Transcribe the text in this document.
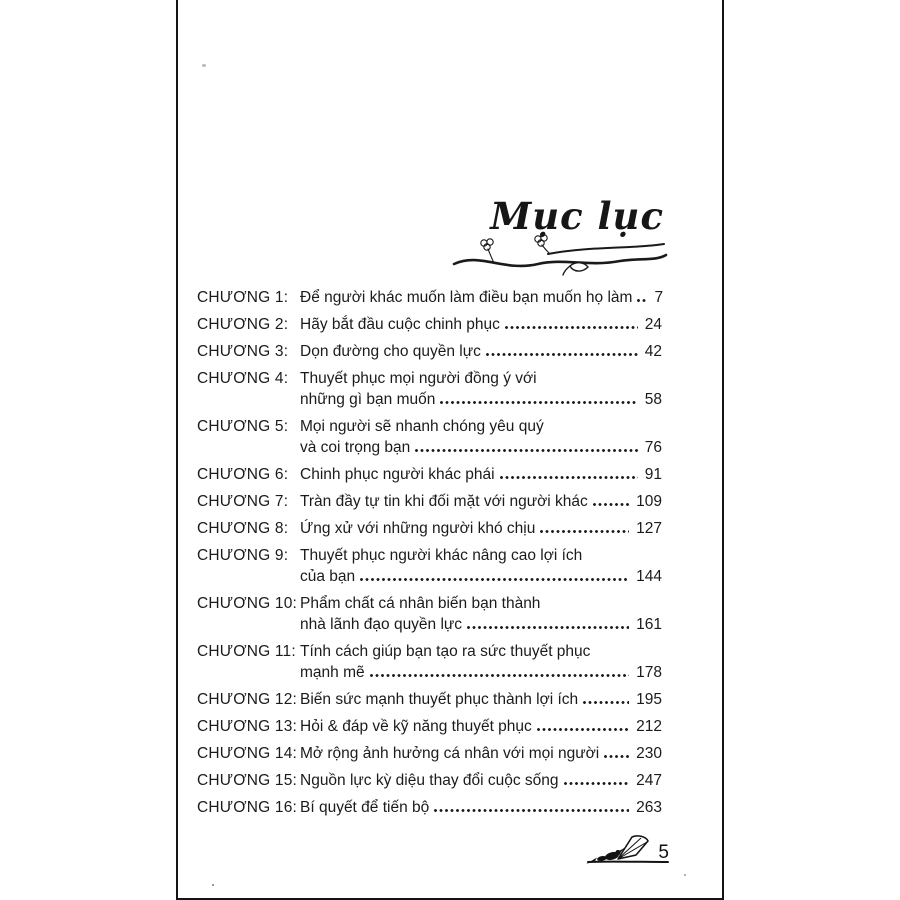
Mục lục
CHƯƠNG 1: Để người khác muốn làm điều bạn muốn họ làm 7
CHƯƠNG 2: Hãy bắt đầu cuộc chinh phục	24
CHƯƠNG 3: Dọn đường cho quyền lực	42
CHƯƠNG 4: Thuyết phục mọi người đồng ý với
những gì bạn muốn	58
CHƯƠNG 5: Mọi người sẽ nhanh chóng yêu quý
và coi trọng bạn	76
CHƯƠNG 6: Chinh phục người khác phái	91
CHƯƠNG 7: Tràn đầy tự tin khi đối mặt với người khác	109
CHƯƠNG 8: Ứng xử với những người khó chịu	127
CHƯƠNG 9: Thuyết phục người khác nâng cao lợi ích
của bạn	144
CHƯƠNG 10: Phẩm chất cá nhân biến bạn thành
nhà lãnh đạo quyền lực	161
CHƯƠNG 11: Tính cách giúp bạn tạo ra sức thuyết phục
mạnh mẽ	178
CHƯƠNG 12: Biến sức mạnh thuyết phục thành lợi ích	195
CHƯƠNG 13: Hỏi & đáp về kỹ năng thuyết phục	212
CHƯƠNG 14: Mở rộng ảnh hưởng cá nhân với mọi người 230
CHƯƠNG 15: Nguồn lực kỳ diệu thay đổi cuộc sống	247
CHƯƠNG 16: Bí quyết để tiến bộ	263
5
